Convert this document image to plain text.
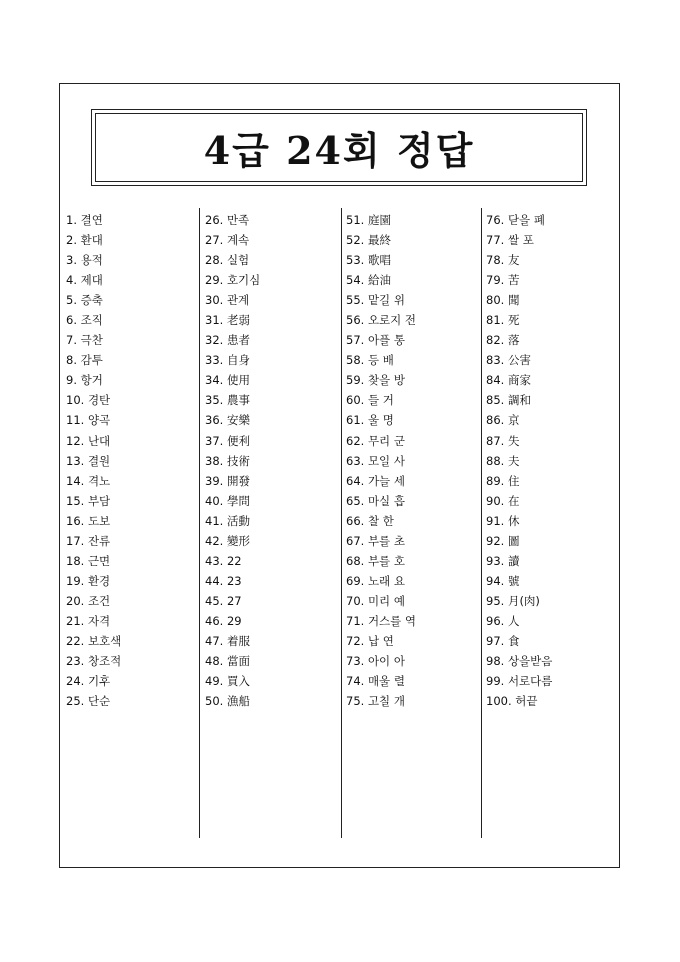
4급 24회 정답
1. 결연
2. 환대
3. 용적
4. 제대
5. 증축
6. 조직
7. 극찬
8. 감투
9. 항거
10. 경탄
11. 양곡
12. 난대
13. 결원
14. 격노
15. 부담
16. 도보
17. 잔류
18. 근면
19. 환경
20. 조건
21. 자격
22. 보호색
23. 창조적
24. 기후
25. 단순
26. 만족
27. 계속
28. 실험
29. 호기심
30. 관계
31. 老弱
32. 患者
33. 自身
34. 使用
35. 農事
36. 安樂
37. 便利
38. 技術
39. 開發
40. 學問
41. 活動
42. 變形
43. 22
44. 23
45. 27
46. 29
47. 着服
48. 當面
49. 買入
50. 漁船
51. 庭園
52. 最終
53. 歌唱
54. 給油
55. 맡길 위
56. 오로지 전
57. 아플 통
58. 등 배
59. 찾을 방
60. 들 거
61. 울 명
62. 무리 군
63. 모일 사
64. 가늘 세
65. 마실 흡
66. 찰 한
67. 부를 초
68. 부를 호
69. 노래 요
70. 미리 예
71. 거스를 역
72. 납 연
73. 아이 아
74. 매울 렬
75. 고칠 개
76. 닫을 폐
77. 쌀 포
78. 友
79. 苦
80. 聞
81. 死
82. 落
83. 公害
84. 商家
85. 調和
86. 京
87. 失
88. 夫
89. 住
90. 在
91. 休
92. 圖
93. 讀
94. 號
95. 月(肉)
96. 人
97. 食
98. 상을받음
99. 서로다름
100. 허끝
